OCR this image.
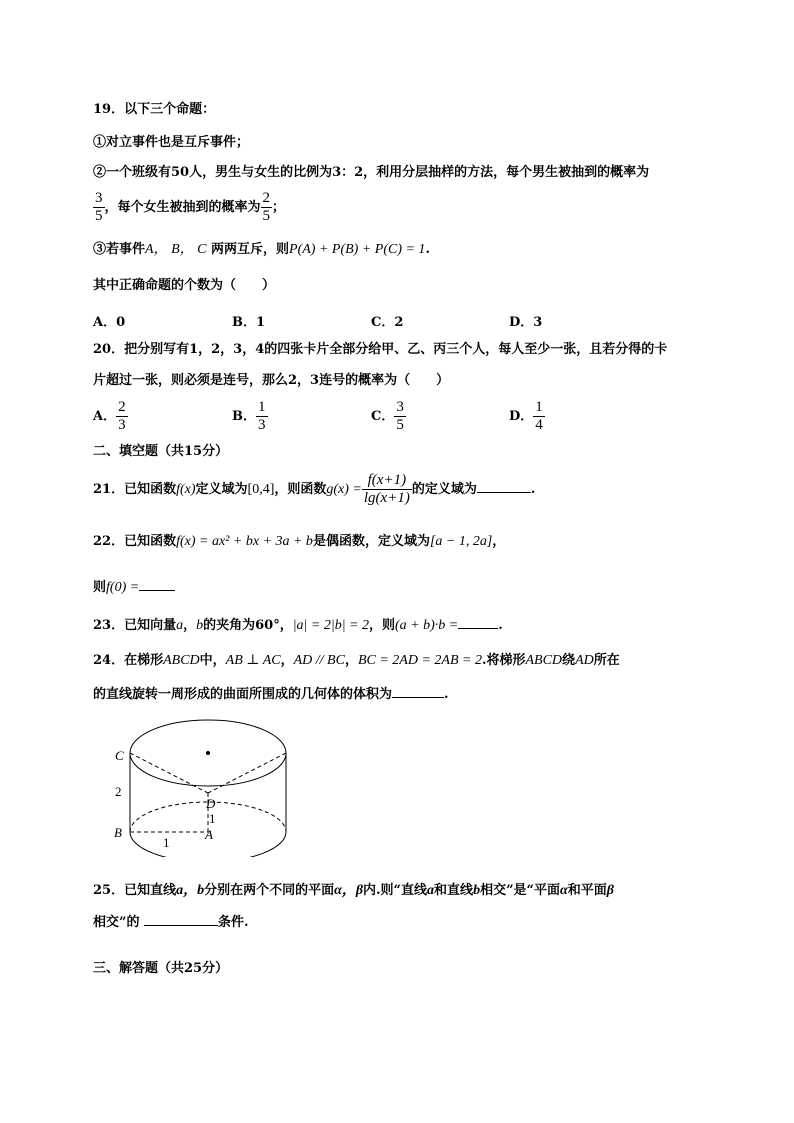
19．以下三个命题：
①对立事件也是互斥事件；
②一个班级有50人，男生与女生的比例为3：2，利用分层抽样的方法，每个男生被抽到的概率为
$\frac{3}{5}$ ，每个女生被抽到的概率为 $\frac{2}{5}$ ；
③若事件A， B， C 两两互斥，则P(A) + P(B) + P(C) = 1.
其中正确命题的个数为（　　）
A．0	B．1	C．2	D．3
20．把分别写有1，2，3，4的四张卡片全部分给甲、乙、丙三个人，每人至少一张，且若分得的卡
片超过一张，则必须是连号，那么2，3连号的概率为（　　）
A． $\frac{2}{3}$	B． $\frac{1}{3}$	C． $\frac{3}{5}$	D． $\frac{1}{4}$
二、填空题（共15分）
21．已知函数f(x)定义域为[0,4]，则函数$g(x) = \frac{f(x+1)}{\lg(x+1)}$ 的定义域为	.
22．已知函数f(x) = ax² + bx + 3a + b是偶函数，定义域为[a − 1, 2a]，
则f(0) =
23．已知向量a，b的夹角为60°，|a| = 2|b| = 2，则(a + b)·b =	.
24．在梯形ABCD中，AB ⊥ AC，AD // BC，BC = 2AD = 2AB = 2.将梯形ABCD绕AD所在
的直线旋转一周形成的曲面所围成的几何体的体积为	.
C
2
D
1
B	A
1
25．已知直线a，b分别在两个不同的平面α，β内.则“直线a和直线b相交”是“平面α和平面β
相交”的	条件.
三、解答题（共25分）
